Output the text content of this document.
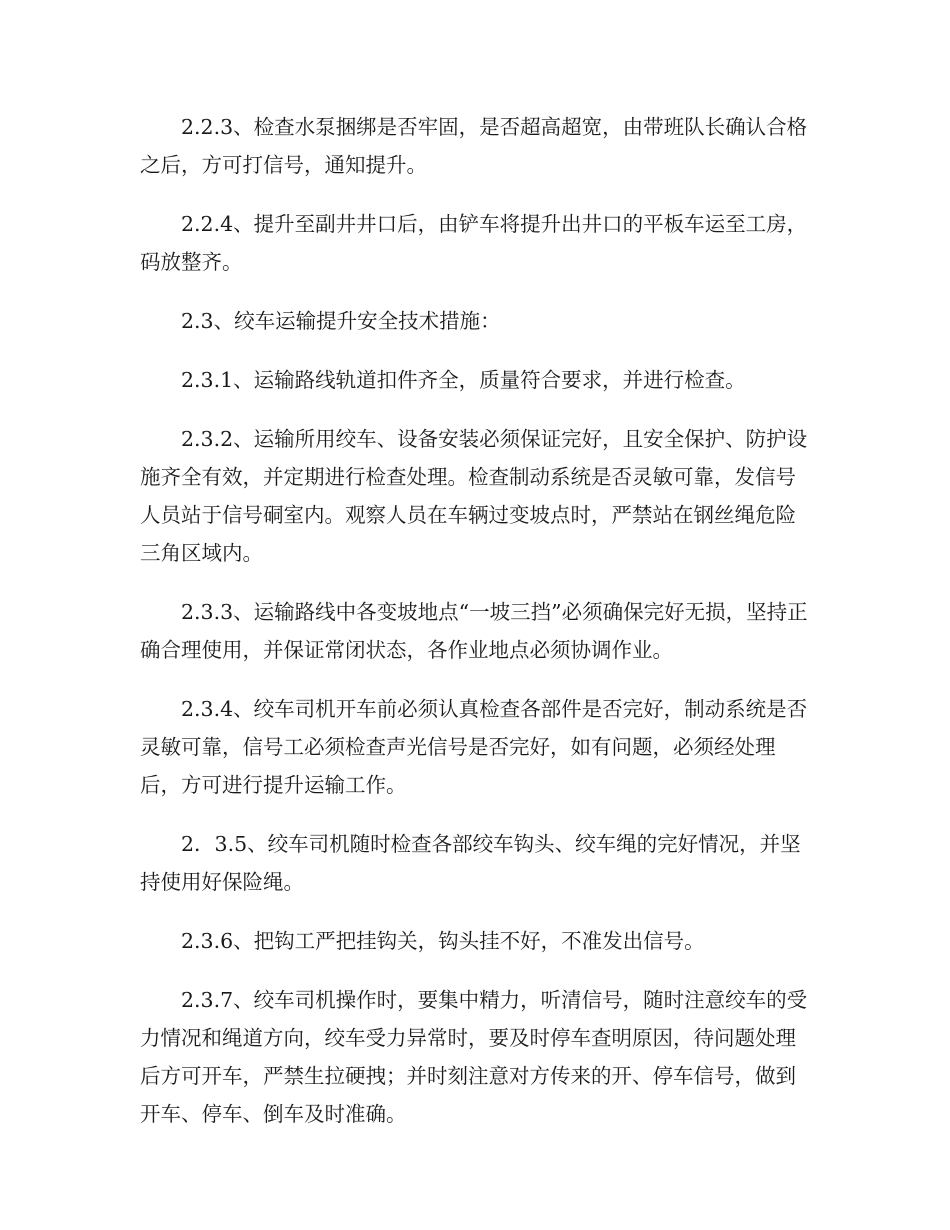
2.2.3、检查水泵捆绑是否牢固，是否超高超宽，由带班队长确认合格之后，方可打信号，通知提升。

2.2.4、提升至副井井口后，由铲车将提升出井口的平板车运至工房，码放整齐。

2.3、绞车运输提升安全技术措施：

2.3.1、运输路线轨道扣件齐全，质量符合要求，并进行检查。

2.3.2、运输所用绞车、设备安装必须保证完好，且安全保护、防护设施齐全有效，并定期进行检查处理。检查制动系统是否灵敏可靠，发信号人员站于信号硐室内。观察人员在车辆过变坡点时，严禁站在钢丝绳危险三角区域内。

2.3.3、运输路线中各变坡地点“一坡三挡”必须确保完好无损，坚持正确合理使用，并保证常闭状态，各作业地点必须协调作业。

2.3.4、绞车司机开车前必须认真检查各部件是否完好，制动系统是否灵敏可靠，信号工必须检查声光信号是否完好，如有问题，必须经处理后，方可进行提升运输工作。

2．3.5、绞车司机随时检查各部绞车钩头、绞车绳的完好情况，并坚持使用好保险绳。

2.3.6、把钩工严把挂钩关，钩头挂不好，不准发出信号。

2.3.7、绞车司机操作时，要集中精力，听清信号，随时注意绞车的受力情况和绳道方向，绞车受力异常时，要及时停车查明原因，待问题处理后方可开车，严禁生拉硬拽；并时刻注意对方传来的开、停车信号，做到开车、停车、倒车及时准确。
